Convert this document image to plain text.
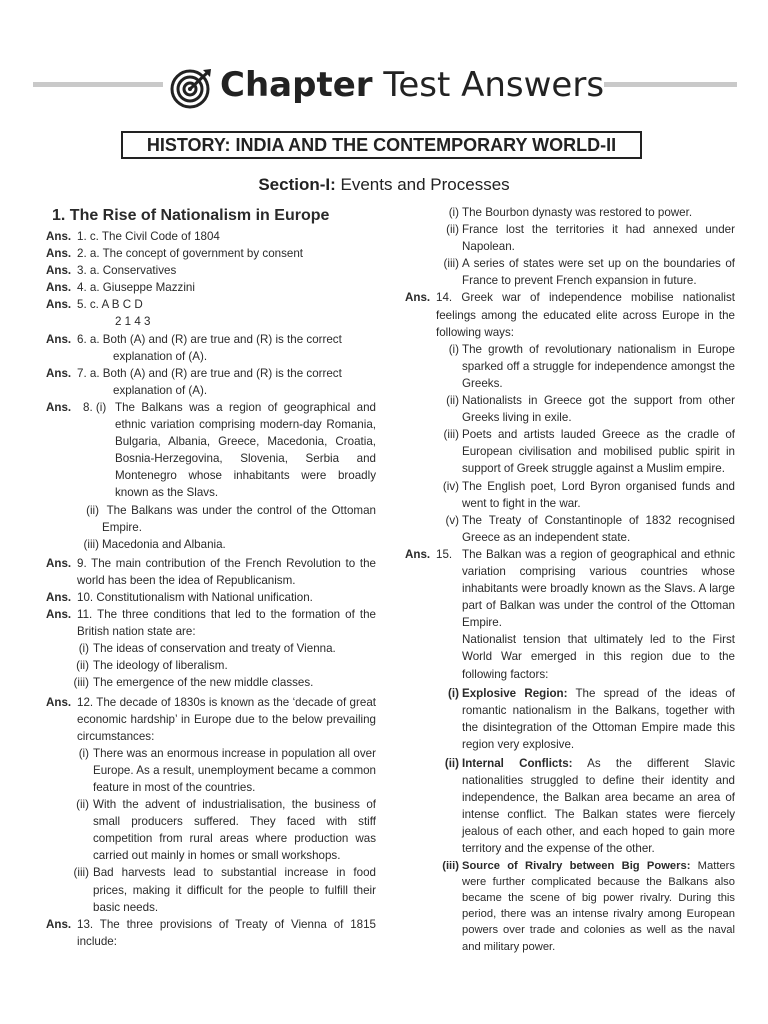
Chapter Test Answers
HISTORY: INDIA AND THE CONTEMPORARY WORLD-II
Section-I: Events and Processes
1. The Rise of Nationalism in Europe
Ans. 1. c. The Civil Code of 1804
Ans. 2. a. The concept of government by consent
Ans. 3. a. Conservatives
Ans. 4. a. Giuseppe Mazzini
Ans. 5. c. A B C D
2 1 4 3
Ans. 6. a. Both (A) and (R) are true and (R) is the correct
explanation of (A).
Ans. 7. a. Both (A) and (R) are true and (R) is the correct
explanation of (A).
Ans. 8. (i) The Balkans was a region of geographical and ethnic variation comprising modern-day Romania, Bulgaria, Albania, Greece, Macedonia, Croatia, Bosnia-Herzegovina, Slovenia, Serbia and Montenegro whose inhabitants were broadly known as the Slavs.
(ii) The Balkans was under the control of the Ottoman Empire.
(iii) Macedonia and Albania.
Ans. 9. The main contribution of the French Revolution to the world has been the idea of Republicanism.
Ans. 10. Constitutionalism with National unification.
Ans. 11. The three conditions that led to the formation of the British nation state are:
(i) The ideas of conservation and treaty of Vienna.
(ii) The ideology of liberalism.
(iii) The emergence of the new middle classes.
Ans. 12. The decade of 1830s is known as the ‘decade of great economic hardship’ in Europe due to the below prevailing circumstances:
(i) There was an enormous increase in population all over Europe. As a result, unemployment became a common feature in most of the countries.
(ii) With the advent of industrialisation, the business of small producers suffered. They faced with stiff competition from rural areas where production was carried out mainly in homes or small workshops.
(iii) Bad harvests lead to substantial increase in food prices, making it difficult for the people to fulfill their basic needs.
Ans. 13. The three provisions of Treaty of Vienna of 1815 include:
(i) The Bourbon dynasty was restored to power.
(ii) France lost the territories it had annexed under Napolean.
(iii) A series of states were set up on the boundaries of France to prevent French expansion in future.
Ans. 14. Greek war of independence mobilise nationalist feelings among the educated elite across Europe in the following ways:
(i) The growth of revolutionary nationalism in Europe sparked off a struggle for independence amongst the Greeks.
(ii) Nationalists in Greece got the support from other Greeks living in exile.
(iii) Poets and artists lauded Greece as the cradle of European civilisation and mobilised public spirit in support of Greek struggle against a Muslim empire.
(iv) The English poet, Lord Byron organised funds and went to fight in the war.
(v) The Treaty of Constantinople of 1832 recognised Greece as an independent state.
Ans. 15. The Balkan was a region of geographical and ethnic variation comprising various countries whose inhabitants were broadly known as the Slavs. A large part of Balkan was under the control of the Ottoman Empire.
Nationalist tension that ultimately led to the First World War emerged in this region due to the following factors:
(i) Explosive Region: The spread of the ideas of romantic nationalism in the Balkans, together with the disintegration of the Ottoman Empire made this region very explosive.
(ii) Internal Conflicts: As the different Slavic nationalities struggled to define their identity and independence, the Balkan area became an area of intense conflict. The Balkan states were fiercely jealous of each other, and each hoped to gain more territory and the expense of the other.
(iii) Source of Rivalry between Big Powers: Matters were further complicated because the Balkans also became the scene of big power rivalry. During this period, there was an intense rivalry among European powers over trade and colonies as well as the naval and military power.
